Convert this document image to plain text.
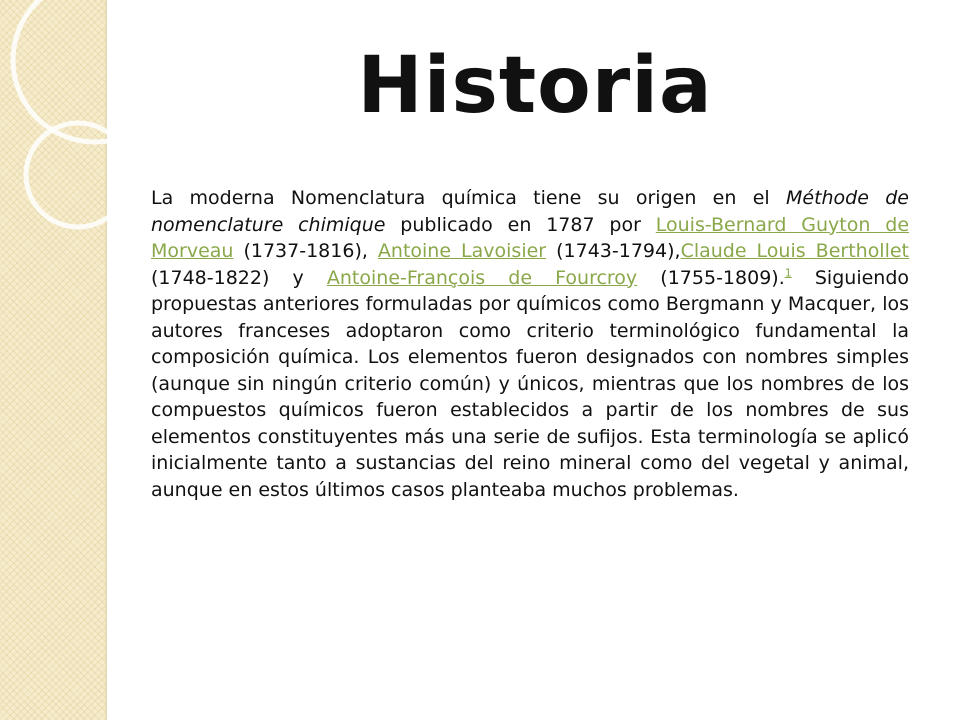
Historia
La moderna Nomenclatura química tiene su origen en el Méthode de nomenclature chimique publicado en 1787 por Louis-Bernard Guyton de Morveau (1737-1816), Antoine Lavoisier (1743-1794),Claude Louis Berthollet (1748-1822) y Antoine-François de Fourcroy (1755-1809).$^1$ Siguiendo propuestas anteriores formuladas por químicos como Bergmann y Macquer, los autores franceses adoptaron como criterio terminológico fundamental la composición química. Los elementos fueron designados con nombres simples (aunque sin ningún criterio común) y únicos, mientras que los nombres de los compuestos químicos fueron establecidos a partir de los nombres de sus elementos constituyentes más una serie de sufijos. Esta terminología se aplicó inicialmente tanto a sustancias del reino mineral como del vegetal y animal, aunque en estos últimos casos planteaba muchos problemas.
